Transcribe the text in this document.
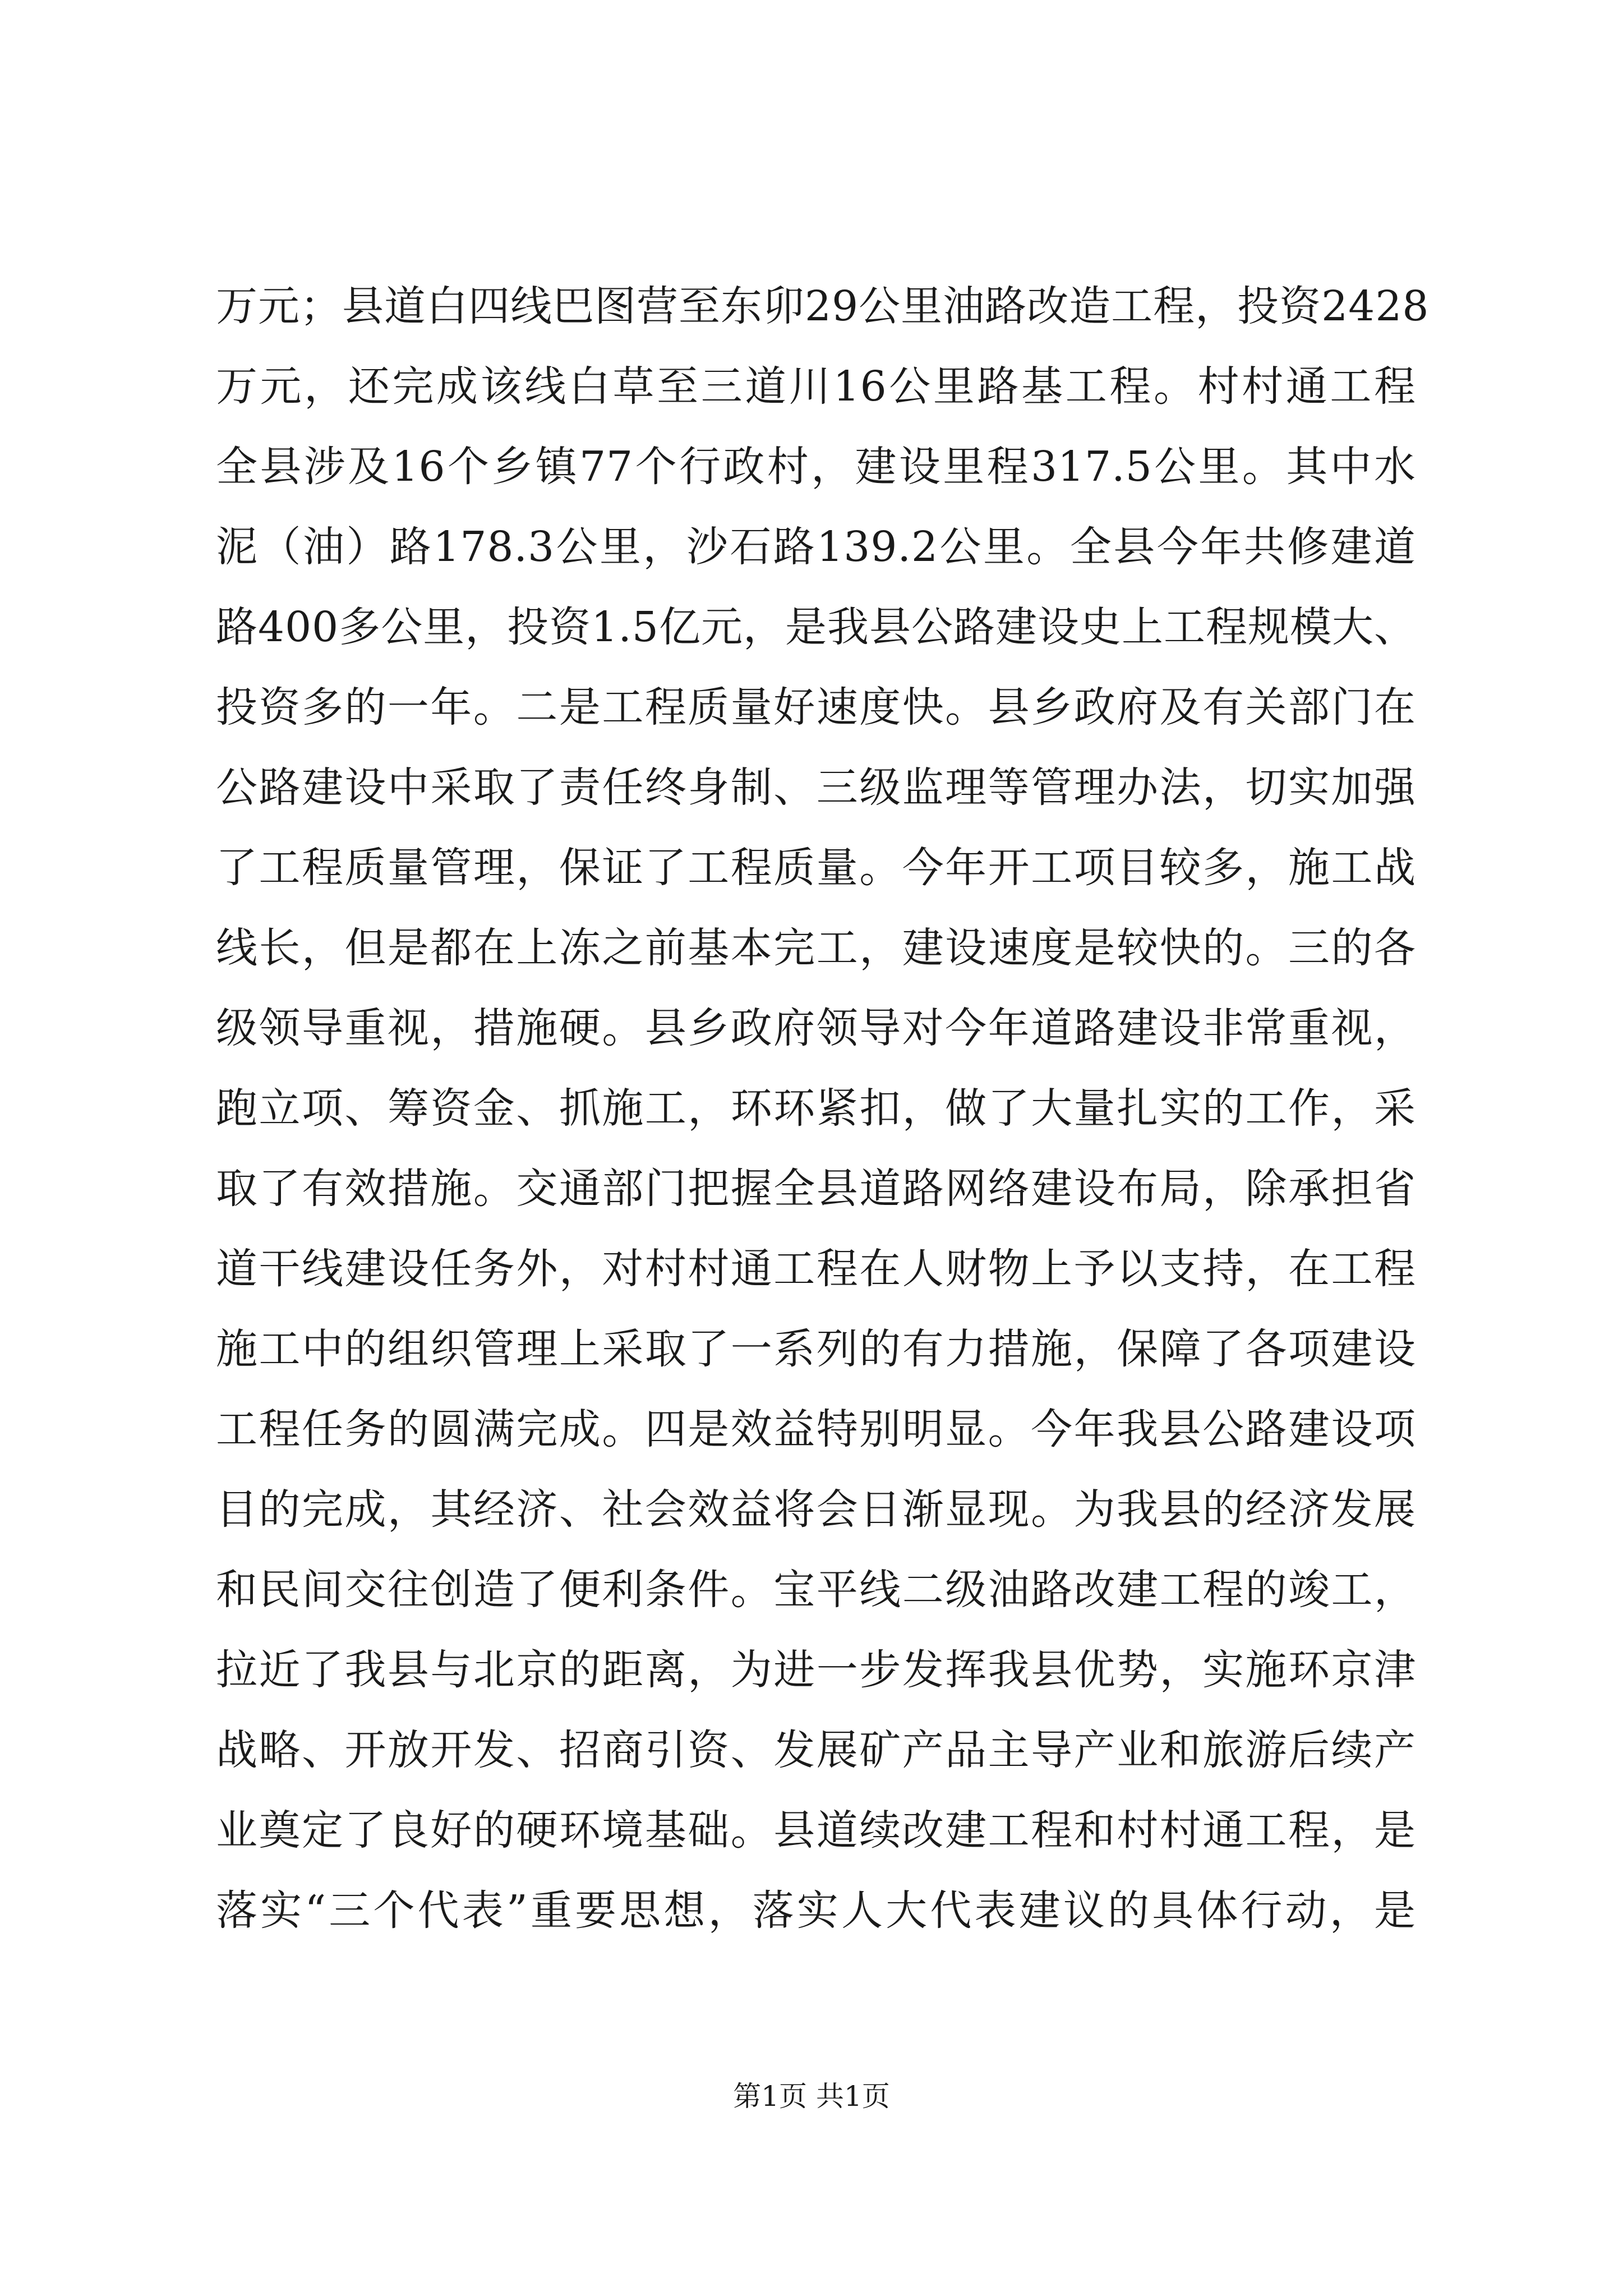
万元；县道白四线巴图营至东卯29公里油路改造工程，投资2428
万元，还完成该线白草至三道川16公里路基工程。村村通工程
全县涉及16个乡镇77个行政村，建设里程317.5公里。其中水
泥（油）路178.3公里，沙石路139.2公里。全县今年共修建道
路400多公里，投资1.5亿元，是我县公路建设史上工程规模大、
投资多的一年。二是工程质量好速度快。县乡政府及有关部门在
公路建设中采取了责任终身制、三级监理等管理办法，切实加强
了工程质量管理，保证了工程质量。今年开工项目较多，施工战
线长，但是都在上冻之前基本完工，建设速度是较快的。三的各
级领导重视，措施硬。县乡政府领导对今年道路建设非常重视，
跑立项、筹资金、抓施工，环环紧扣，做了大量扎实的工作，采
取了有效措施。交通部门把握全县道路网络建设布局，除承担省
道干线建设任务外，对村村通工程在人财物上予以支持，在工程
施工中的组织管理上采取了一系列的有力措施，保障了各项建设
工程任务的圆满完成。四是效益特别明显。今年我县公路建设项
目的完成，其经济、社会效益将会日渐显现。为我县的经济发展
和民间交往创造了便利条件。宝平线二级油路改建工程的竣工，
拉近了我县与北京的距离，为进一步发挥我县优势，实施环京津
战略、开放开发、招商引资、发展矿产品主导产业和旅游后续产
业奠定了良好的硬环境基础。县道续改建工程和村村通工程，是
落实“三个代表”重要思想，落实人大代表建议的具体行动，是
第1页 共1页
